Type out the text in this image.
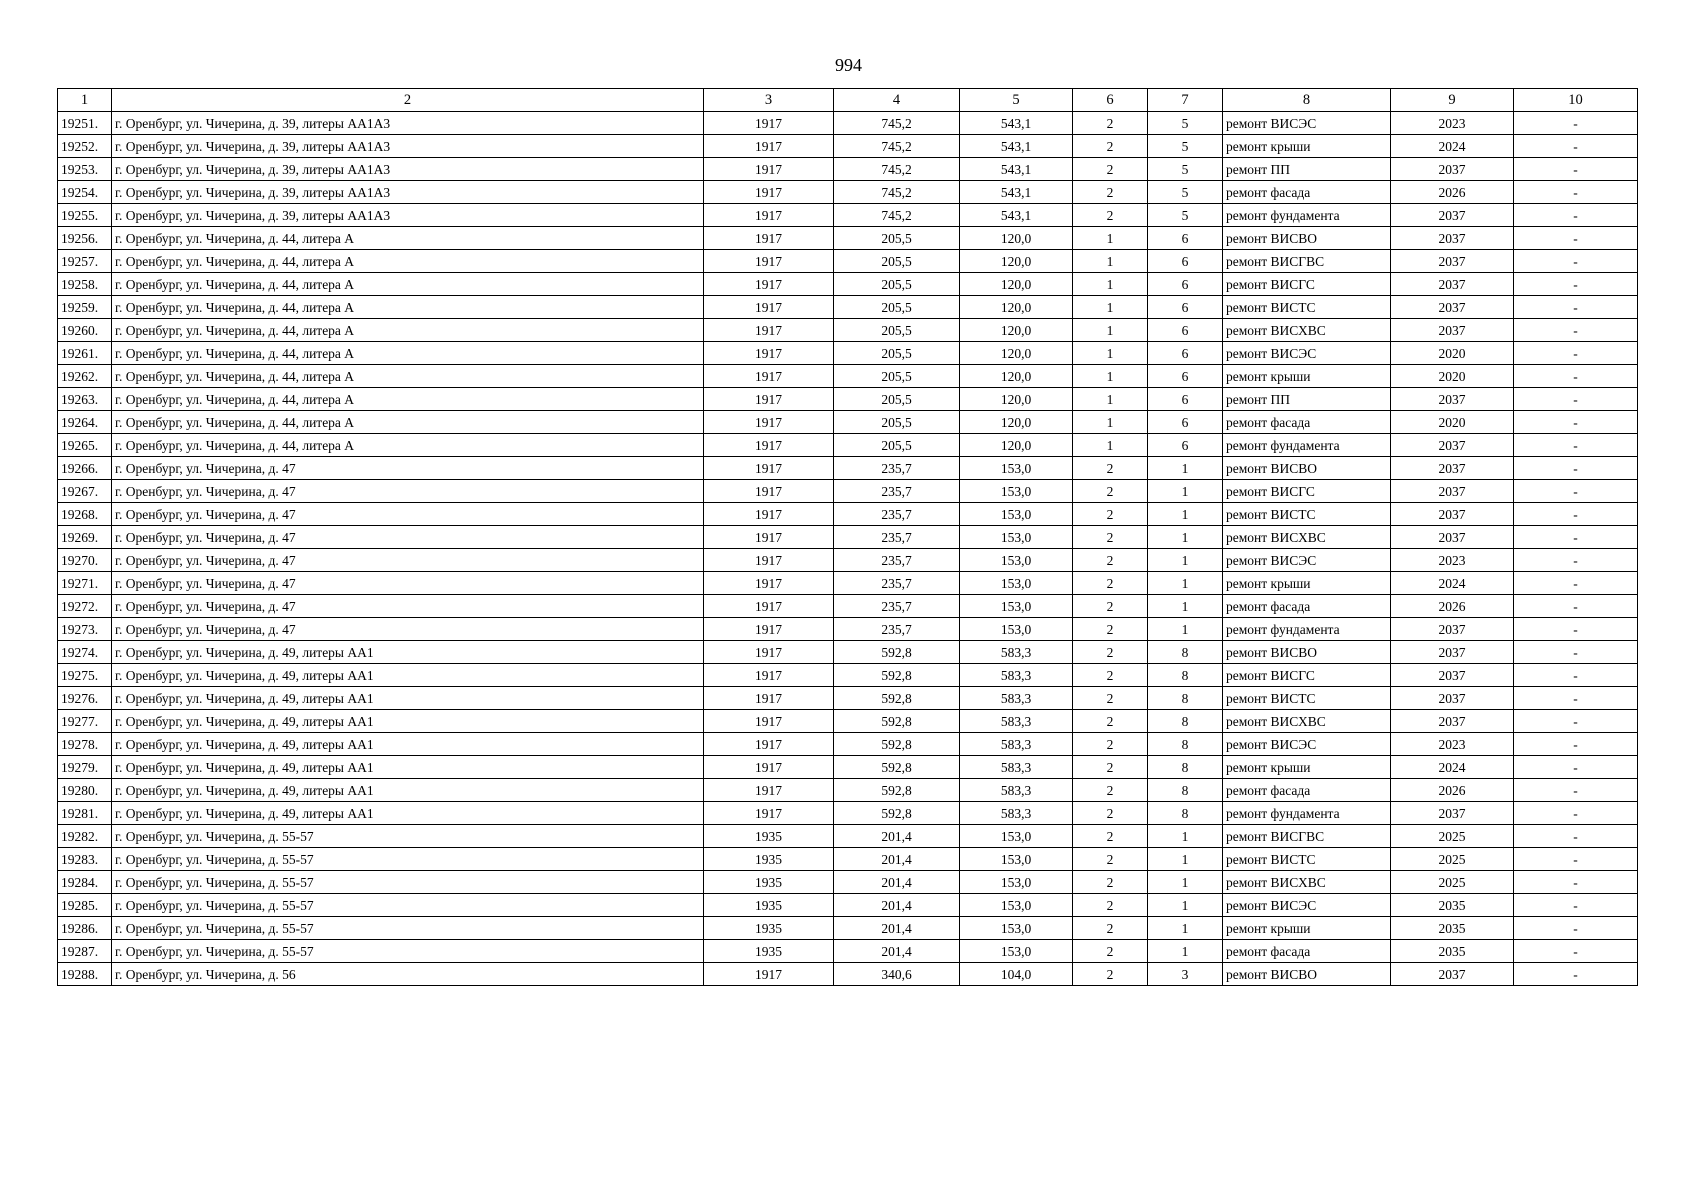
994
1	2	3	4	5	6	7	8	9	10
19251.	г. Оренбург, ул. Чичерина, д. 39, литеры АА1А3	1917	745,2	543,1	2	5	ремонт ВИСЭС	2023	-
19252.	г. Оренбург, ул. Чичерина, д. 39, литеры АА1А3	1917	745,2	543,1	2	5	ремонт крыши	2024	-
19253.	г. Оренбург, ул. Чичерина, д. 39, литеры АА1А3	1917	745,2	543,1	2	5	ремонт ПП	2037	-
19254.	г. Оренбург, ул. Чичерина, д. 39, литеры АА1А3	1917	745,2	543,1	2	5	ремонт фасада	2026	-
19255.	г. Оренбург, ул. Чичерина, д. 39, литеры АА1А3	1917	745,2	543,1	2	5	ремонт фундамента	2037	-
19256.	г. Оренбург, ул. Чичерина, д. 44, литера А	1917	205,5	120,0	1	6	ремонт ВИСВО	2037	-
19257.	г. Оренбург, ул. Чичерина, д. 44, литера А	1917	205,5	120,0	1	6	ремонт ВИСГВС	2037	-
19258.	г. Оренбург, ул. Чичерина, д. 44, литера А	1917	205,5	120,0	1	6	ремонт ВИСГС	2037	-
19259.	г. Оренбург, ул. Чичерина, д. 44, литера А	1917	205,5	120,0	1	6	ремонт ВИСТС	2037	-
19260.	г. Оренбург, ул. Чичерина, д. 44, литера А	1917	205,5	120,0	1	6	ремонт ВИСХВС	2037	-
19261.	г. Оренбург, ул. Чичерина, д. 44, литера А	1917	205,5	120,0	1	6	ремонт ВИСЭС	2020	-
19262.	г. Оренбург, ул. Чичерина, д. 44, литера А	1917	205,5	120,0	1	6	ремонт крыши	2020	-
19263.	г. Оренбург, ул. Чичерина, д. 44, литера А	1917	205,5	120,0	1	6	ремонт ПП	2037	-
19264.	г. Оренбург, ул. Чичерина, д. 44, литера А	1917	205,5	120,0	1	6	ремонт фасада	2020	-
19265.	г. Оренбург, ул. Чичерина, д. 44, литера А	1917	205,5	120,0	1	6	ремонт фундамента	2037	-
19266.	г. Оренбург, ул. Чичерина, д. 47	1917	235,7	153,0	2	1	ремонт ВИСВО	2037	-
19267.	г. Оренбург, ул. Чичерина, д. 47	1917	235,7	153,0	2	1	ремонт ВИСГС	2037	-
19268.	г. Оренбург, ул. Чичерина, д. 47	1917	235,7	153,0	2	1	ремонт ВИСТС	2037	-
19269.	г. Оренбург, ул. Чичерина, д. 47	1917	235,7	153,0	2	1	ремонт ВИСХВС	2037	-
19270.	г. Оренбург, ул. Чичерина, д. 47	1917	235,7	153,0	2	1	ремонт ВИСЭС	2023	-
19271.	г. Оренбург, ул. Чичерина, д. 47	1917	235,7	153,0	2	1	ремонт крыши	2024	-
19272.	г. Оренбург, ул. Чичерина, д. 47	1917	235,7	153,0	2	1	ремонт фасада	2026	-
19273.	г. Оренбург, ул. Чичерина, д. 47	1917	235,7	153,0	2	1	ремонт фундамента	2037	-
19274.	г. Оренбург, ул. Чичерина, д. 49, литеры АА1	1917	592,8	583,3	2	8	ремонт ВИСВО	2037	-
19275.	г. Оренбург, ул. Чичерина, д. 49, литеры АА1	1917	592,8	583,3	2	8	ремонт ВИСГС	2037	-
19276.	г. Оренбург, ул. Чичерина, д. 49, литеры АА1	1917	592,8	583,3	2	8	ремонт ВИСТС	2037	-
19277.	г. Оренбург, ул. Чичерина, д. 49, литеры АА1	1917	592,8	583,3	2	8	ремонт ВИСХВС	2037	-
19278.	г. Оренбург, ул. Чичерина, д. 49, литеры АА1	1917	592,8	583,3	2	8	ремонт ВИСЭС	2023	-
19279.	г. Оренбург, ул. Чичерина, д. 49, литеры АА1	1917	592,8	583,3	2	8	ремонт крыши	2024	-
19280.	г. Оренбург, ул. Чичерина, д. 49, литеры АА1	1917	592,8	583,3	2	8	ремонт фасада	2026	-
19281.	г. Оренбург, ул. Чичерина, д. 49, литеры АА1	1917	592,8	583,3	2	8	ремонт фундамента	2037	-
19282.	г. Оренбург, ул. Чичерина, д. 55-57	1935	201,4	153,0	2	1	ремонт ВИСГВС	2025	-
19283.	г. Оренбург, ул. Чичерина, д. 55-57	1935	201,4	153,0	2	1	ремонт ВИСТС	2025	-
19284.	г. Оренбург, ул. Чичерина, д. 55-57	1935	201,4	153,0	2	1	ремонт ВИСХВС	2025	-
19285.	г. Оренбург, ул. Чичерина, д. 55-57	1935	201,4	153,0	2	1	ремонт ВИСЭС	2035	-
19286.	г. Оренбург, ул. Чичерина, д. 55-57	1935	201,4	153,0	2	1	ремонт крыши	2035	-
19287.	г. Оренбург, ул. Чичерина, д. 55-57	1935	201,4	153,0	2	1	ремонт фасада	2035	-
19288.	г. Оренбург, ул. Чичерина, д. 56	1917	340,6	104,0	2	3	ремонт ВИСВО	2037	-
